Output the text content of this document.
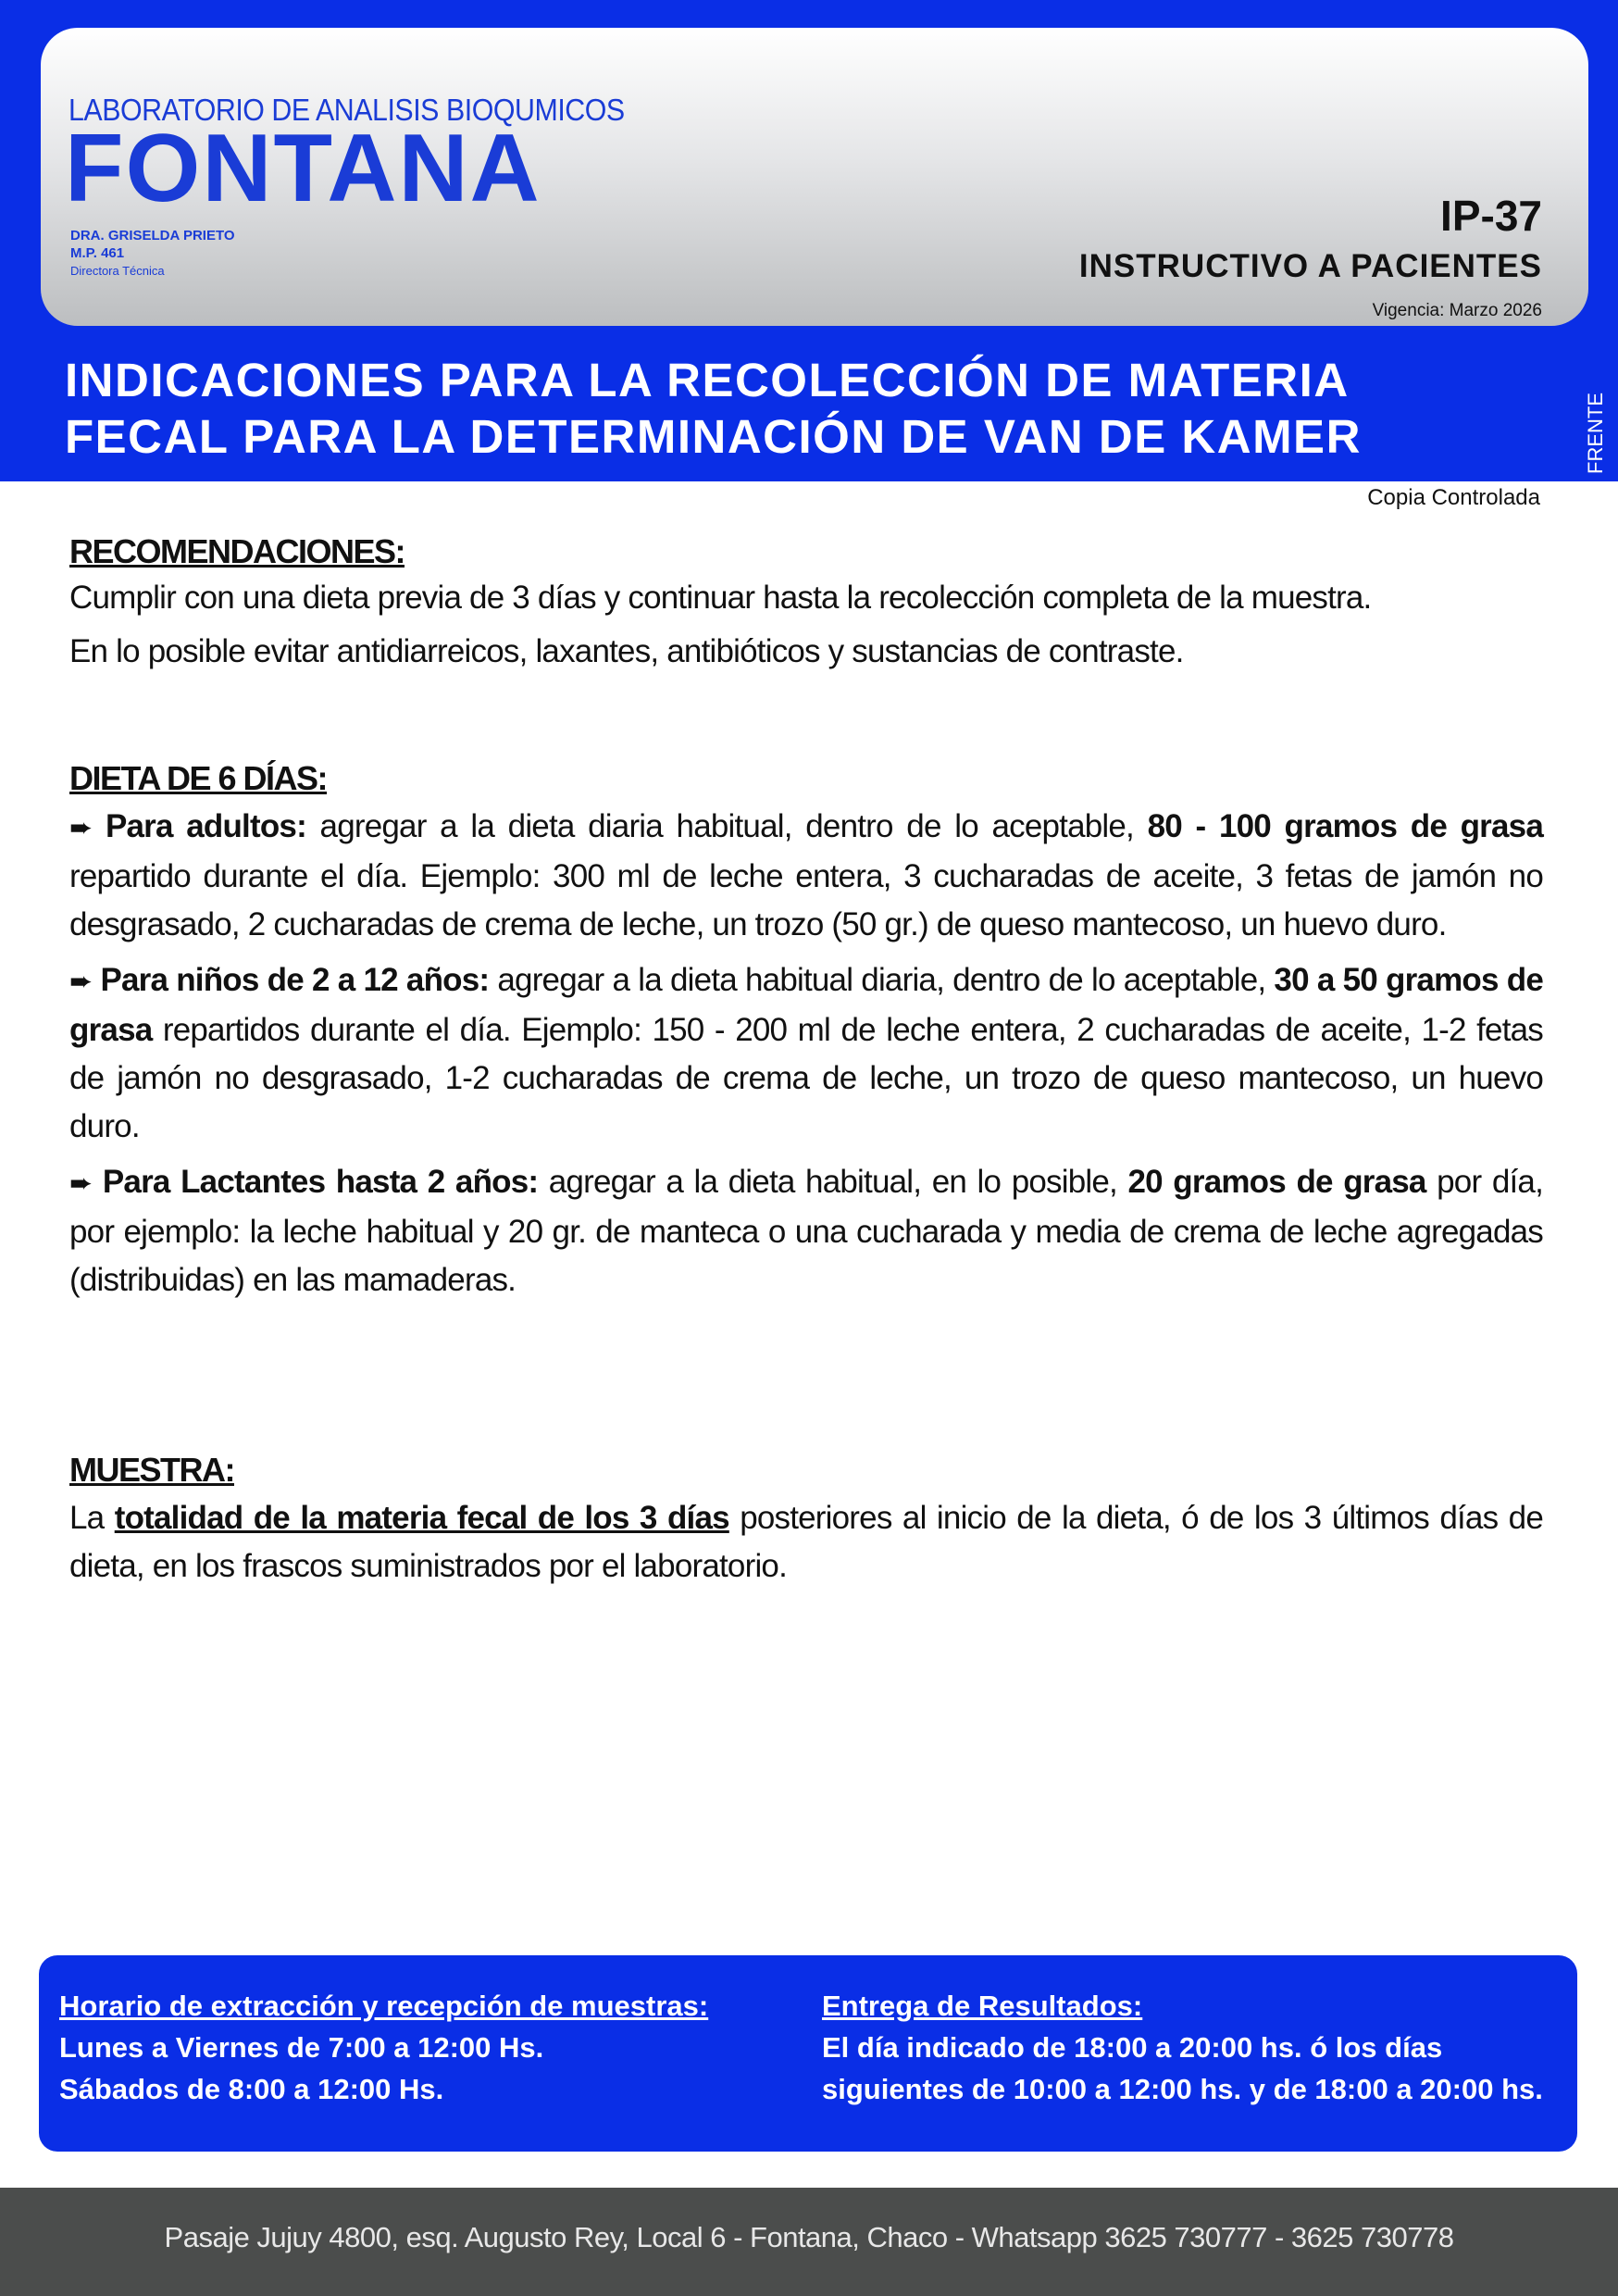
LABORATORIO DE ANALISIS BIOQUMICOS
FONTANA
DRA. GRISELDA PRIETO
M.P. 461
Directora Técnica
IP-37
INSTRUCTIVO A PACIENTES
Vigencia: Marzo 2026
INDICACIONES PARA LA RECOLECCIÓN DE MATERIA
FECAL PARA LA DETERMINACIÓN DE VAN DE KAMER	FRENTE
Copia Controlada
RECOMENDACIONES:
Cumplir con una dieta previa de 3 días y continuar hasta la recolección completa de la muestra.
En lo posible evitar antidiarreicos, laxantes, antibióticos y sustancias de contraste.
DIETA DE 6 DÍAS:
➨ Para adultos: agregar a la dieta diaria habitual, dentro de lo aceptable, 80 - 100 gramos de grasa repartido durante el día. Ejemplo: 300 ml de leche entera, 3 cucharadas de aceite, 3 fetas de jamón no desgrasado, 2 cucharadas de crema de leche, un trozo (50 gr.) de queso mantecoso, un huevo duro.
➨ Para niños de 2 a 12 años: agregar a la dieta habitual diaria, dentro de lo aceptable, 30 a 50 gramos de grasa repartidos durante el día. Ejemplo: 150 - 200 ml de leche entera, 2 cucharadas de aceite, 1-2 fetas de jamón no desgrasado, 1-2 cucharadas de crema de leche, un trozo de queso mantecoso, un huevo duro.
➨ Para Lactantes hasta 2 años: agregar a la dieta habitual, en lo posible, 20 gramos de grasa por día, por ejemplo: la leche habitual y 20 gr. de manteca o una cucharada y media de crema de leche agregadas (distribuidas) en las mamaderas.
MUESTRA:
La totalidad de la materia fecal de los 3 días posteriores al inicio de la dieta, ó de los 3 últimos días de dieta, en los frascos suministrados por el laboratorio.
Horario de extracción y recepción de muestras:
Lunes a Viernes de 7:00 a 12:00 Hs.
Sábados de 8:00 a 12:00 Hs.
Entrega de Resultados:
El día indicado de 18:00 a 20:00 hs. ó los días
siguientes de 10:00 a 12:00 hs. y de 18:00 a 20:00 hs.
Pasaje Jujuy 4800, esq. Augusto Rey, Local 6 - Fontana, Chaco - Whatsapp 3625 730777 - 3625 730778
